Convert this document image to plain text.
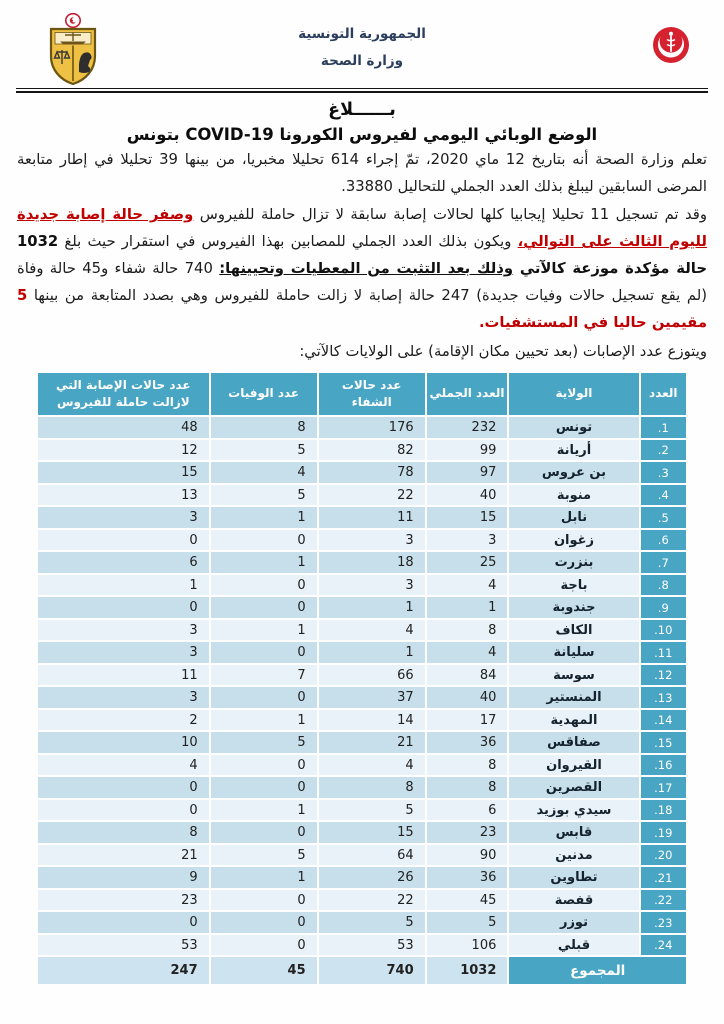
الجمهورية التونسية
وزارة الصحة
بــــــلاغ
الوضع الوبائي اليومي لفيروس الكورونا COVID-19 بتونس

تعلم وزارة الصحة أنه بتاريخ 12 ماي 2020، تمّ إجراء 614 تحليلا مخبريا، من بينها 39 تحليلا في إطار متابعة المرضى السابقين ليبلغ بذلك العدد الجملي للتحاليل 33880.

وقد تم تسجيل 11 تحليلا إيجابيا كلها لحالات إصابة سابقة لا تزال حاملة للفيروس وصفر حالة إصابة جديدة لليوم الثالث على التوالي، ويكون بذلك العدد الجملي للمصابين بهذا الفيروس في استقرار حيث بلغ 1032 حالة مؤكدة موزعة كالآتي وذلك بعد التثبت من المعطيات وتحيينها: 740 حالة شفاء و45 حالة وفاة (لم يقع تسجيل حالات وفيات جديدة) 247 حالة إصابة لا زالت حاملة للفيروس وهي بصدد المتابعة من بينها 5 مقيمين حاليا في المستشفيات.

ويتوزع عدد الإصابات (بعد تحيين مكان الإقامة) على الولايات كالآتي:

العدد	الولاية	العدد الجملي	عدد حالات الشفاء	عدد الوفيات	عدد حالات الإصابة التي لازالت حاملة للفيروس
1.	تونس	232	176	8	48
2.	أريانة	99	82	5	12
3.	بن عروس	97	78	4	15
4.	منوبة	40	22	5	13
5.	نابل	15	11	1	3
6.	زغوان	3	3	0	0
7.	بنزرت	25	18	1	6
8.	باجة	4	3	0	1
9.	جندوبة	1	1	0	0
10.	الكاف	8	4	1	3
11.	سليانة	4	1	0	3
12.	سوسة	84	66	7	11
13.	المنستير	40	37	0	3
14.	المهدية	17	14	1	2
15.	صفاقس	36	21	5	10
16.	القيروان	8	4	0	4
17.	القصرين	8	8	0	0
18.	سيدي بوزيد	6	5	1	0
19.	قابس	23	15	0	8
20.	مدنين	90	64	5	21
21.	تطاوين	36	26	1	9
22.	قفصة	45	22	0	23
23.	توزر	5	5	0	0
24.	قبلي	106	53	0	53
المجموع		1032	740	45	247
